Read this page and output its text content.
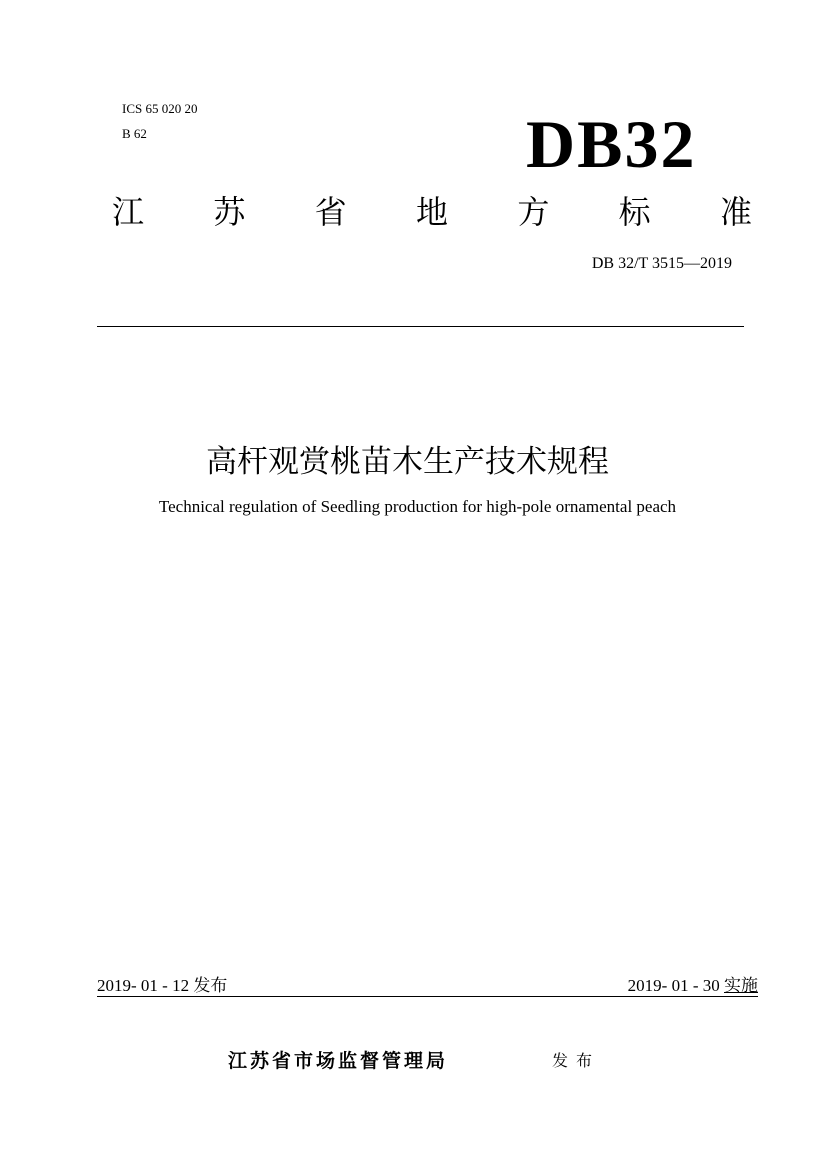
ICS 65 020 20
B 62	DB32
江 苏 省 地 方 标 准
DB 32/T 3515—2019
高杆观赏桃苗木生产技术规程
Technical regulation of Seedling production for high-pole ornamental peach
2019- 01 - 12 发布	2019- 01 - 30 实施
江苏省市场监督管理局	发布
